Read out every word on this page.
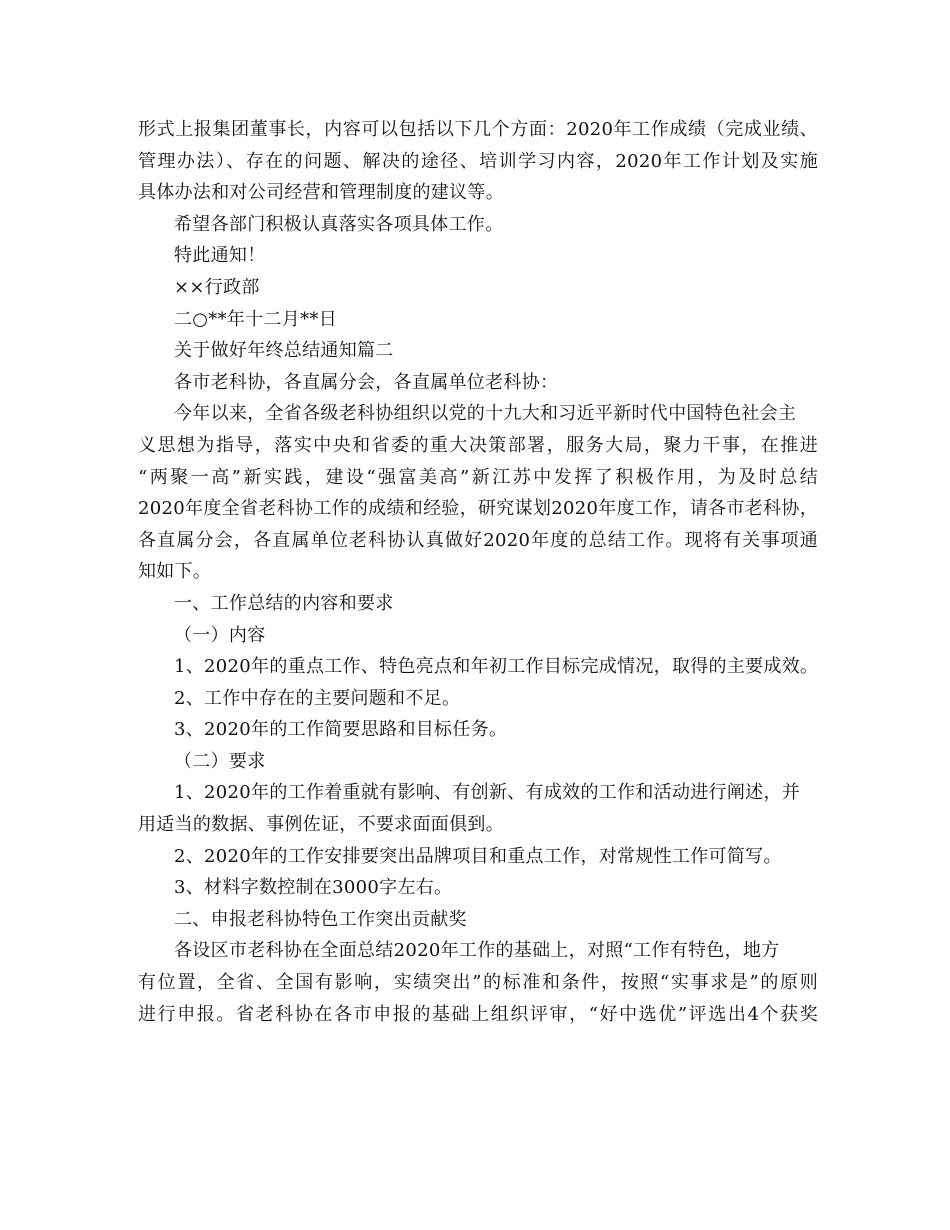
形式上报集团董事长，内容可以包括以下几个方面：2020年工作成绩（完成业绩、
管理办法）、存在的问题、解决的途径、培训学习内容，2020年工作计划及实施
具体办法和对公司经营和管理制度的建议等。
希望各部门积极认真落实各项具体工作。
特此通知！
××行政部
二○**年十二月**日
关于做好年终总结通知篇二
各市老科协，各直属分会，各直属单位老科协：
今年以来，全省各级老科协组织以党的十九大和习近平新时代中国特色社会主
义思想为指导，落实中央和省委的重大决策部署，服务大局，聚力干事，在推进
“两聚一高”新实践，建设“强富美高”新江苏中发挥了积极作用，为及时总结
2020年度全省老科协工作的成绩和经验，研究谋划2020年度工作，请各市老科协，
各直属分会，各直属单位老科协认真做好2020年度的总结工作。现将有关事项通
知如下。
一、工作总结的内容和要求
（一）内容
1、2020年的重点工作、特色亮点和年初工作目标完成情况，取得的主要成效。
2、工作中存在的主要问题和不足。
3、2020年的工作简要思路和目标任务。
（二）要求
1、2020年的工作着重就有影响、有创新、有成效的工作和活动进行阐述，并
用适当的数据、事例佐证，不要求面面俱到。
2、2020年的工作安排要突出品牌项目和重点工作，对常规性工作可简写。
3、材料字数控制在3000字左右。
二、申报老科协特色工作突出贡献奖
各设区市老科协在全面总结2020年工作的基础上，对照“工作有特色，地方
有位置，全省、全国有影响，实绩突出”的标准和条件，按照“实事求是”的原则
进行申报。省老科协在各市申报的基础上组织评审，“好中选优”评选出4个获奖
